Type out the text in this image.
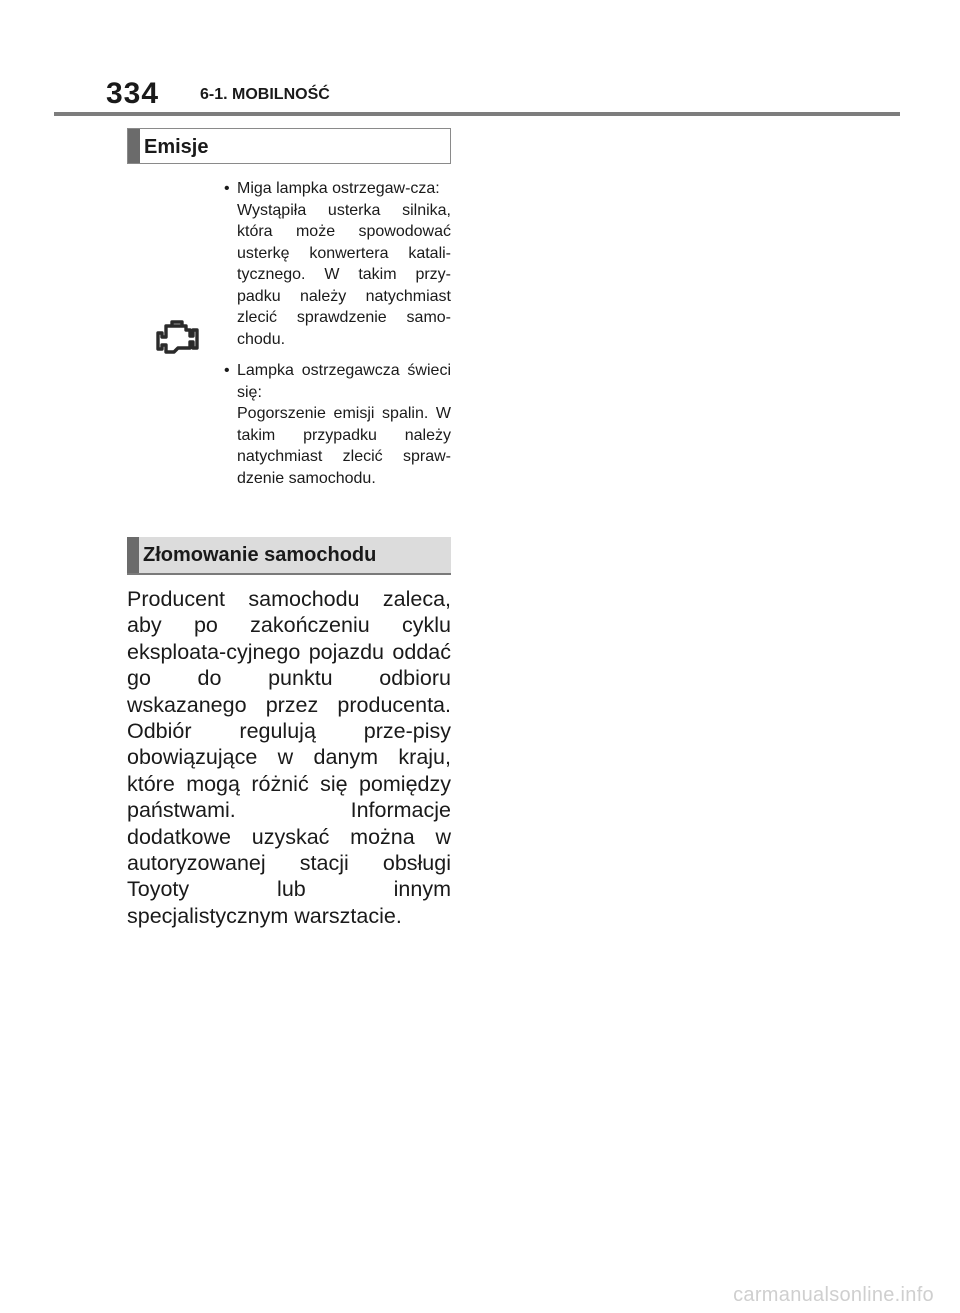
334	6-1. MOBILNOŚĆ
Emisje
• Miga lampka ostrzegaw-cza:
Wystąpiła usterka silnika, która może spowodować usterkę konwertera katali-tycznego. W takim przy-padku należy natychmiast zlecić sprawdzenie samo-chodu.
• Lampka ostrzegawcza świeci się:
Pogorszenie emisji spalin. W takim przypadku należy natychmiast zlecić spraw-dzenie samochodu.
Złomowanie samochodu
Producent samochodu zaleca, aby po zakończeniu cyklu eksploata-cyjnego pojazdu oddać go do punktu odbioru wskazanego przez producenta. Odbiór regulują prze-pisy obowiązujące w danym kraju, które mogą różnić się pomiędzy państwami. Informacje dodatkowe uzyskać można w autoryzowanej stacji obsługi Toyoty lub innym specjalistycznym warsztacie.
carmanualsonline.info
